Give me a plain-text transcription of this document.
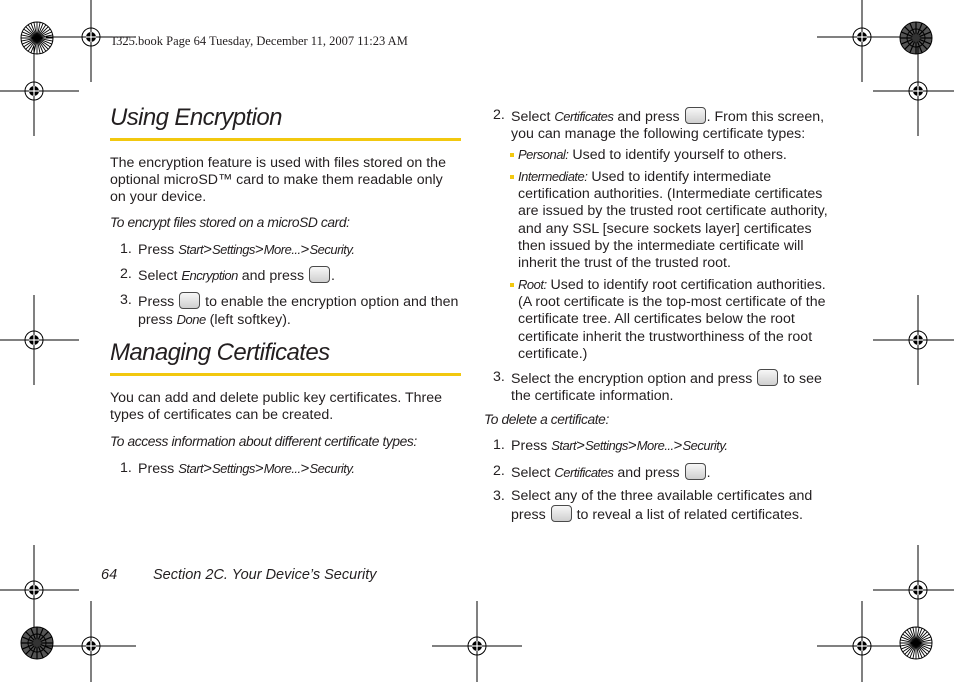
I325.book Page 64 Tuesday, December 11, 2007 11:23 AM
Using Encryption
The encryption feature is used with files stored on the optional microSD™ card to make them readable only on your device.
To encrypt files stored on a microSD card:
1. Press Start>Settings>More...>Security.
2. Select Encryption and press .
3. Press  to enable the encryption option and then press Done (left softkey).
Managing Certificates
You can add and delete public key certificates. Three types of certificates can be created.
To access information about different certificate types:
1. Press Start>Settings>More...>Security.
2. Select Certificates and press . From this screen, you can manage the following certificate types:
Personal: Used to identify yourself to others.
Intermediate: Used to identify intermediate certification authorities. (Intermediate certificates are issued by the trusted root certificate authority, and any SSL [secure sockets layer] certificates then issued by the intermediate certificate will inherit the trust of the trusted root.
Root: Used to identify root certification authorities. (A root certificate is the top-most certificate of the certificate tree. All certificates below the root certificate inherit the trustworthiness of the root certificate.)
3. Select the encryption option and press  to see the certificate information.
To delete a certificate:
1. Press Start>Settings>More...>Security.
2. Select Certificates and press .
3. Select any of the three available certificates and press  to reveal a list of related certificates.
64 Section 2C. Your Device’s Security
